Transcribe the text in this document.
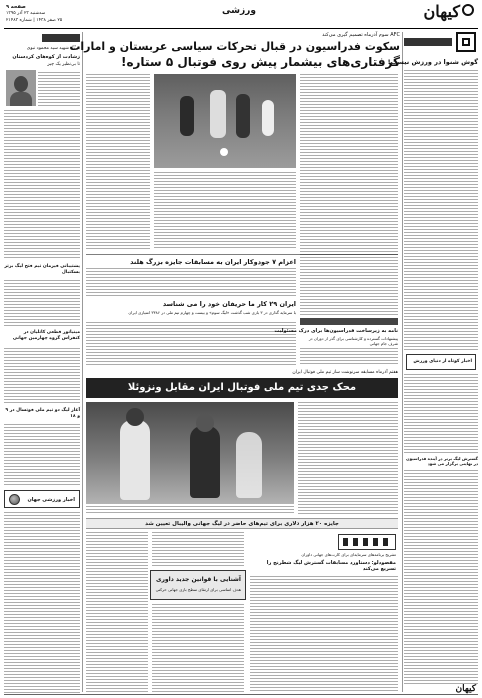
صفحه ۹
سه‌شنبه ۲۳ آذر ۱۳۹۵
۲۵ صفر ۱۴۳۸ | شماره ۲۱۴۸۳
ورزشی	کیهان
گوش شنوا در ورزش نیست!
اخبار کوتاه از دنیای ورزش
گسترش لیگ برتر در آینده فدراسیون در نهایتی برگزار می شود
کیهان
به یاد شهید سید محمود نبوی
زشادت از کوه‌های کردستان
تا بی‌نظیر یک چیز
پشتیبانی فیرمان تیم فتح لیگ برتر بسکتبال
مینیاتور قطعی کاتلیان در کنفراس گروه چهارمین جهانی
آغاز لیگ دو تیم ملی فوتسال در ۹ و ۱۸
اخبار ورزشی جهان
AFC سوم آذرماه تصمیم گیری می‌کند
سکوت فدراسیون در قبال تحرکات سیاسی عربستان و امارات
گرفتاری‌های بیشمار پیش روی فوتبال ۵ ستاره!
اعزام ۷ جودوکار ایران به مسابقات جایزه بزرگ هلند
ایران ۲۹ کار ما حریفان خود را می شناسد
با سرمایه گذاری در ۳ بازی شب گذشت «لیگ سوم» و بیست و چهارم تیم ملی در ۳۳۸۶ امتیازی ایران
نامه به زیرساخت فدراسیون‌ها برای درک مسئولیت
پیشنهادات گسترده و کارشناسی برای گذر از دوران در شرف جام جهانی
هفتم آذرماه مسابقه سرنوشت ساز تیم ملی فوتبال ایران
محک جدی تیم ملی فوتبال ایران مقابل ونزوئلا
جایزه ۲۰ هزار دلاری برای تیم‌های حاضر در لیگ جهانی والیبال تعیین شد
آشنایی با قوانین جدید داوری
هدف اساسی برای ارتقای سطح بازی جهانی حرکتی
تشریح برنامه‌های سرمایه‌ای برای کارت‌های جهانی داوران
مقصودلو: دستاورد مسابقات گسترش لیگ شطرنج را تسریع می‌کند
